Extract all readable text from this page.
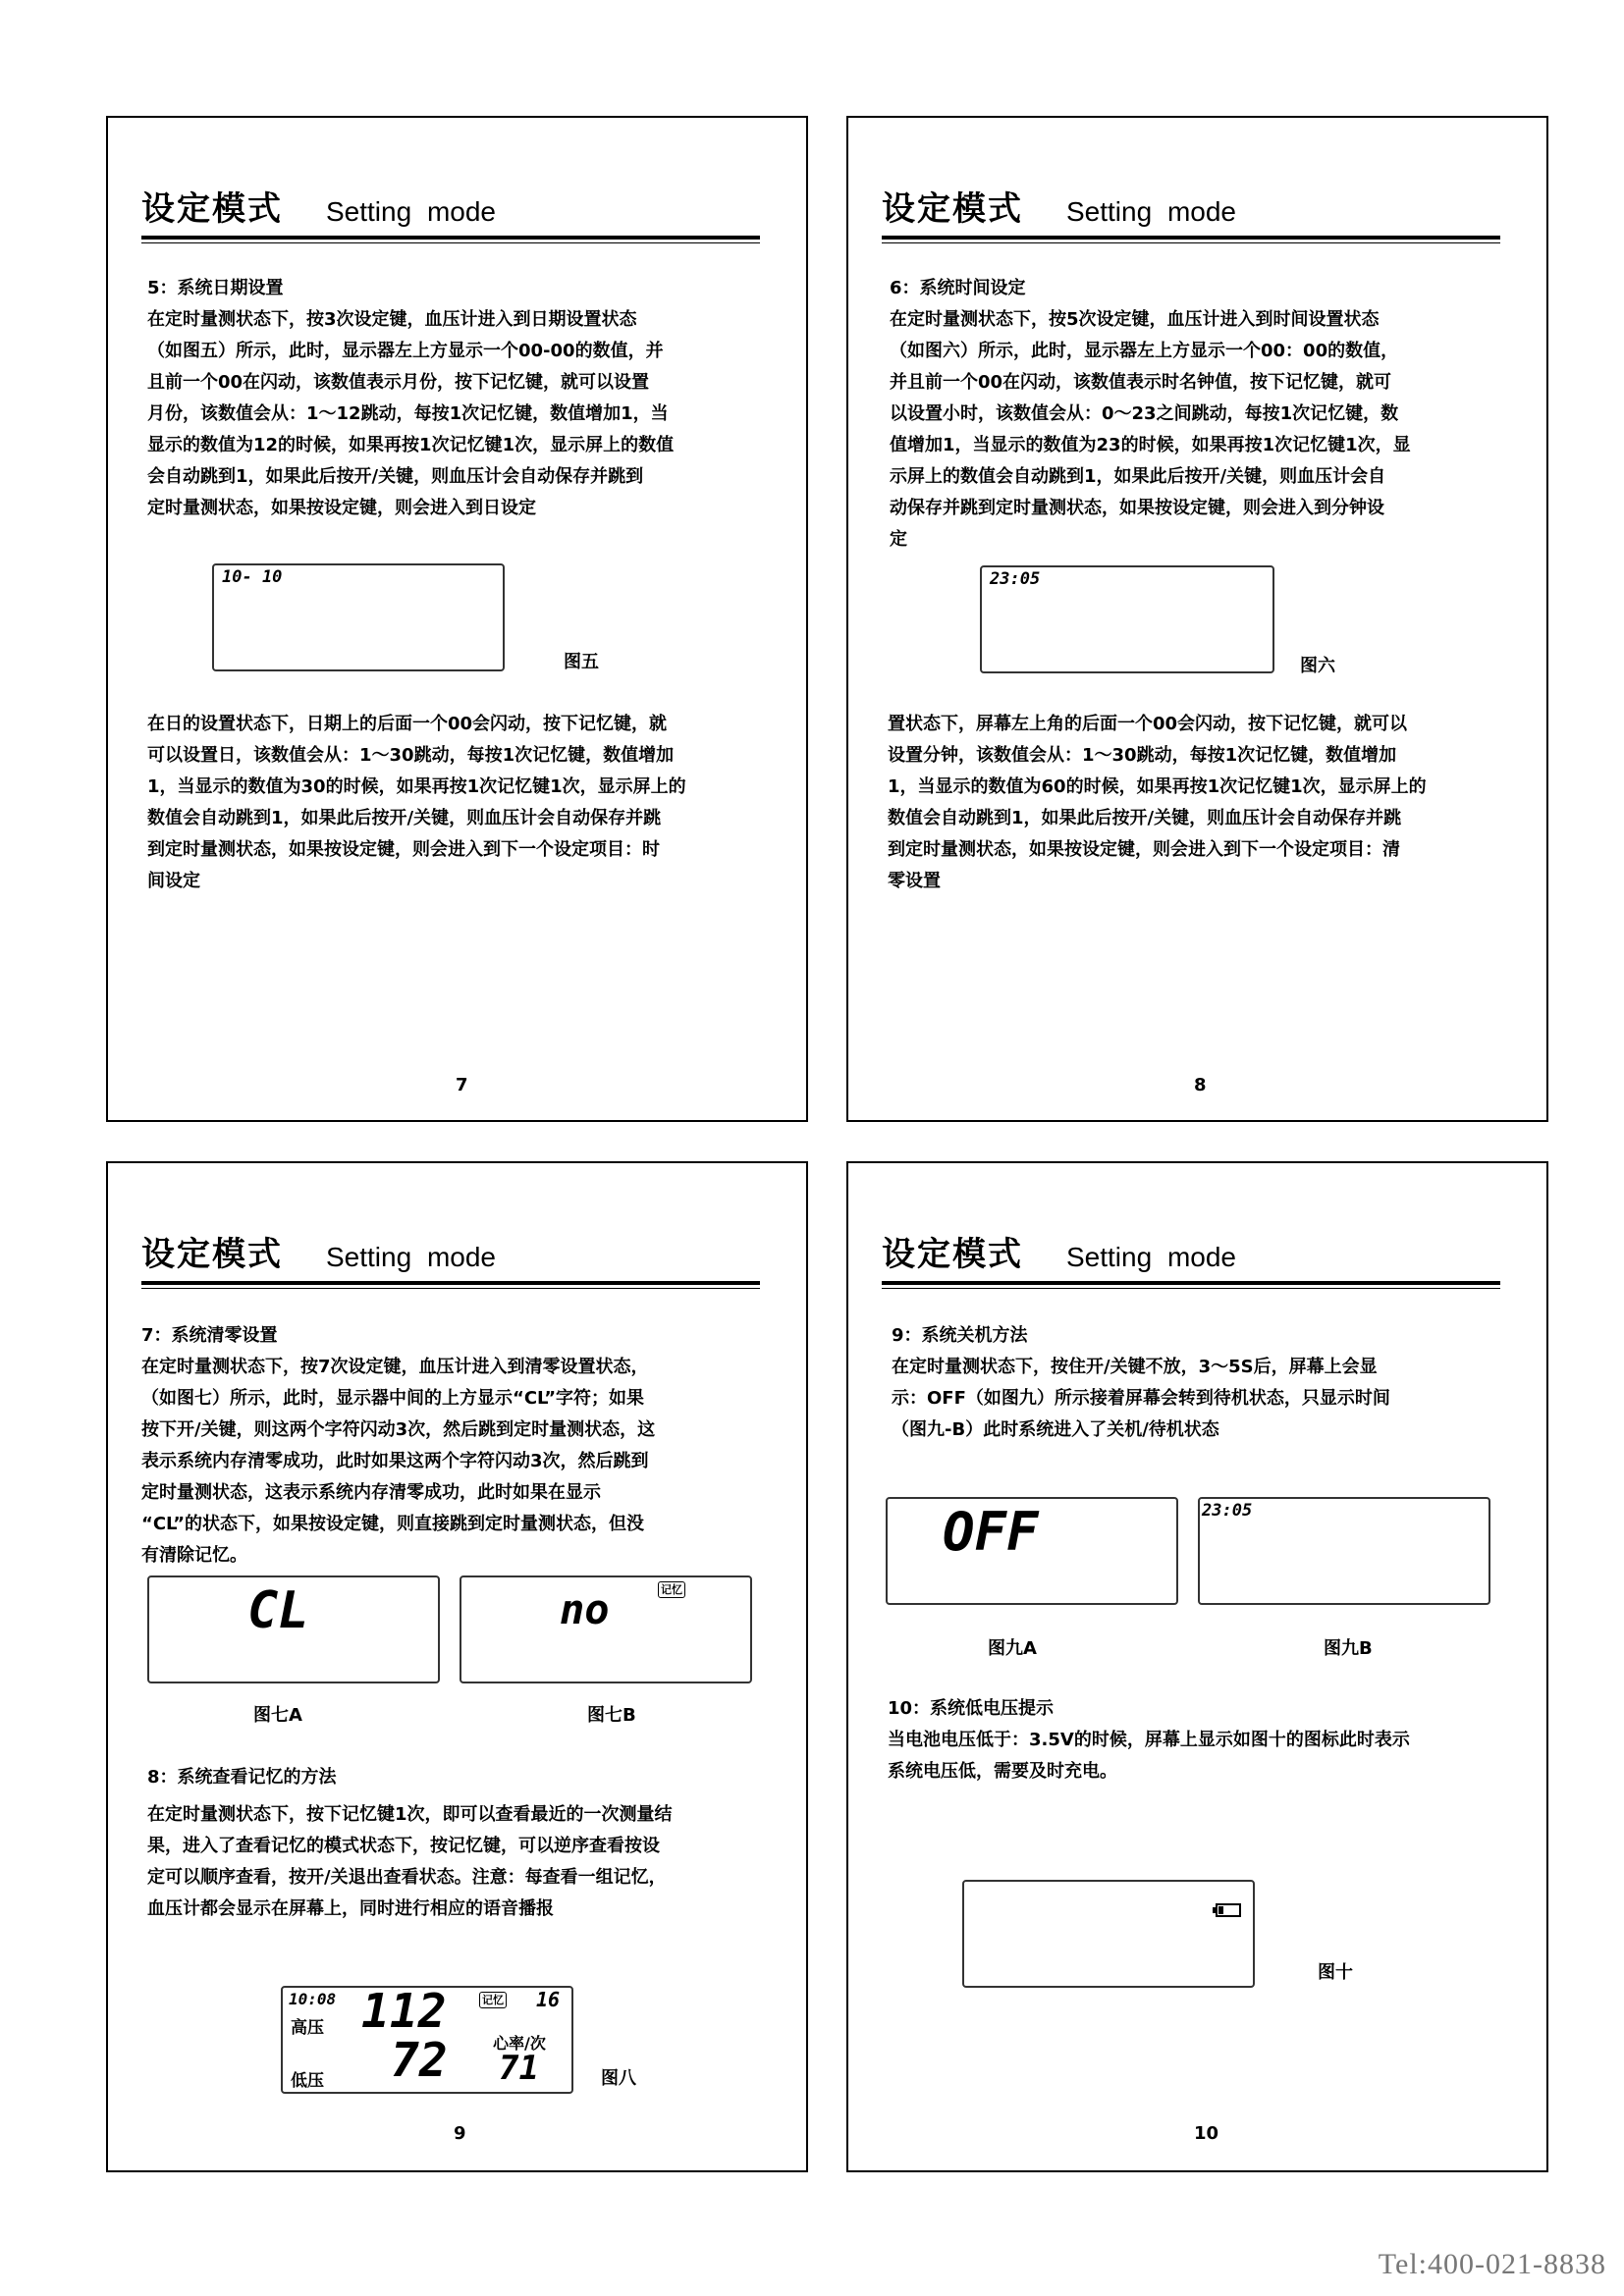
设定模式 Setting mode
5：系统日期设置
在定时量测状态下，按3次设定键，血压计进入到日期设置状态
（如图五）所示，此时，显示器左上方显示一个00-00的数值，并
且前一个00在闪动，该数值表示月份，按下记忆键，就可以设置
月份，该数值会从：1～12跳动，每按1次记忆键，数值增加1，当
显示的数值为12的时候，如果再按1次记忆键1次，显示屏上的数值
会自动跳到1，如果此后按开/关键，则血压计会自动保存并跳到
定时量测状态，如果按设定键，则会进入到日设定
10- 10
图五
在日的设置状态下，日期上的后面一个00会闪动，按下记忆键，就
可以设置日，该数值会从：1～30跳动，每按1次记忆键，数值增加
1，当显示的数值为30的时候，如果再按1次记忆键1次，显示屏上的
数值会自动跳到1，如果此后按开/关键，则血压计会自动保存并跳
到定时量测状态，如果按设定键，则会进入到下一个设定项目：时
间设定
7
设定模式 Setting mode
6：系统时间设定
在定时量测状态下，按5次设定键，血压计进入到时间设置状态
（如图六）所示，此时，显示器左上方显示一个00：00的数值，
并且前一个00在闪动，该数值表示时名钟值，按下记忆键，就可
以设置小时，该数值会从：0～23之间跳动，每按1次记忆键，数
值增加1，当显示的数值为23的时候，如果再按1次记忆键1次，显
示屏上的数值会自动跳到1，如果此后按开/关键，则血压计会自
动保存并跳到定时量测状态，如果按设定键，则会进入到分钟设
定
23:05
图六
置状态下，屏幕左上角的后面一个00会闪动，按下记忆键，就可以
设置分钟，该数值会从：1～30跳动，每按1次记忆键，数值增加
1，当显示的数值为60的时候，如果再按1次记忆键1次，显示屏上的
数值会自动跳到1，如果此后按开/关键，则血压计会自动保存并跳
到定时量测状态，如果按设定键，则会进入到下一个设定项目：清
零设置
8
设定模式 Setting mode
7：系统清零设置
在定时量测状态下，按7次设定键，血压计进入到清零设置状态，
（如图七）所示，此时，显示器中间的上方显示“CL”字符；如果
按下开/关键，则这两个字符闪动3次，然后跳到定时量测状态，这
表示系统内存清零成功，此时如果这两个字符闪动3次，然后跳到
定时量测状态，这表示系统内存清零成功，此时如果在显示
“CL”的状态下，如果按设定键，则直接跳到定时量测状态，但没
有清除记忆。
CL	no	记忆
图七A	图七B
8：系统查看记忆的方法
在定时量测状态下，按下记忆键1次，即可以查看最近的一次测量结
果，进入了查看记忆的模式状态下，按记忆键，可以逆序查看按设
定可以顺序查看，按开/关退出查看状态。注意：每查看一组记忆，
血压计都会显示在屏幕上，同时进行相应的语音播报
10:08
高压 112	记忆 16
低压 72	心率/次
71	图八
9
设定模式 Setting mode
9：系统关机方法
在定时量测状态下，按住开/关键不放，3～5S后，屏幕上会显
示：OFF（如图九）所示接着屏幕会转到待机状态，只显示时间
（图九-B）此时系统进入了关机/待机状态
OFF	23:05
图九A	图九B
10：系统低电压提示
当电池电压低于：3.5V的时候，屏幕上显示如图十的图标此时表示
系统电压低，需要及时充电。
图十
10
Tel:400-021-8838
